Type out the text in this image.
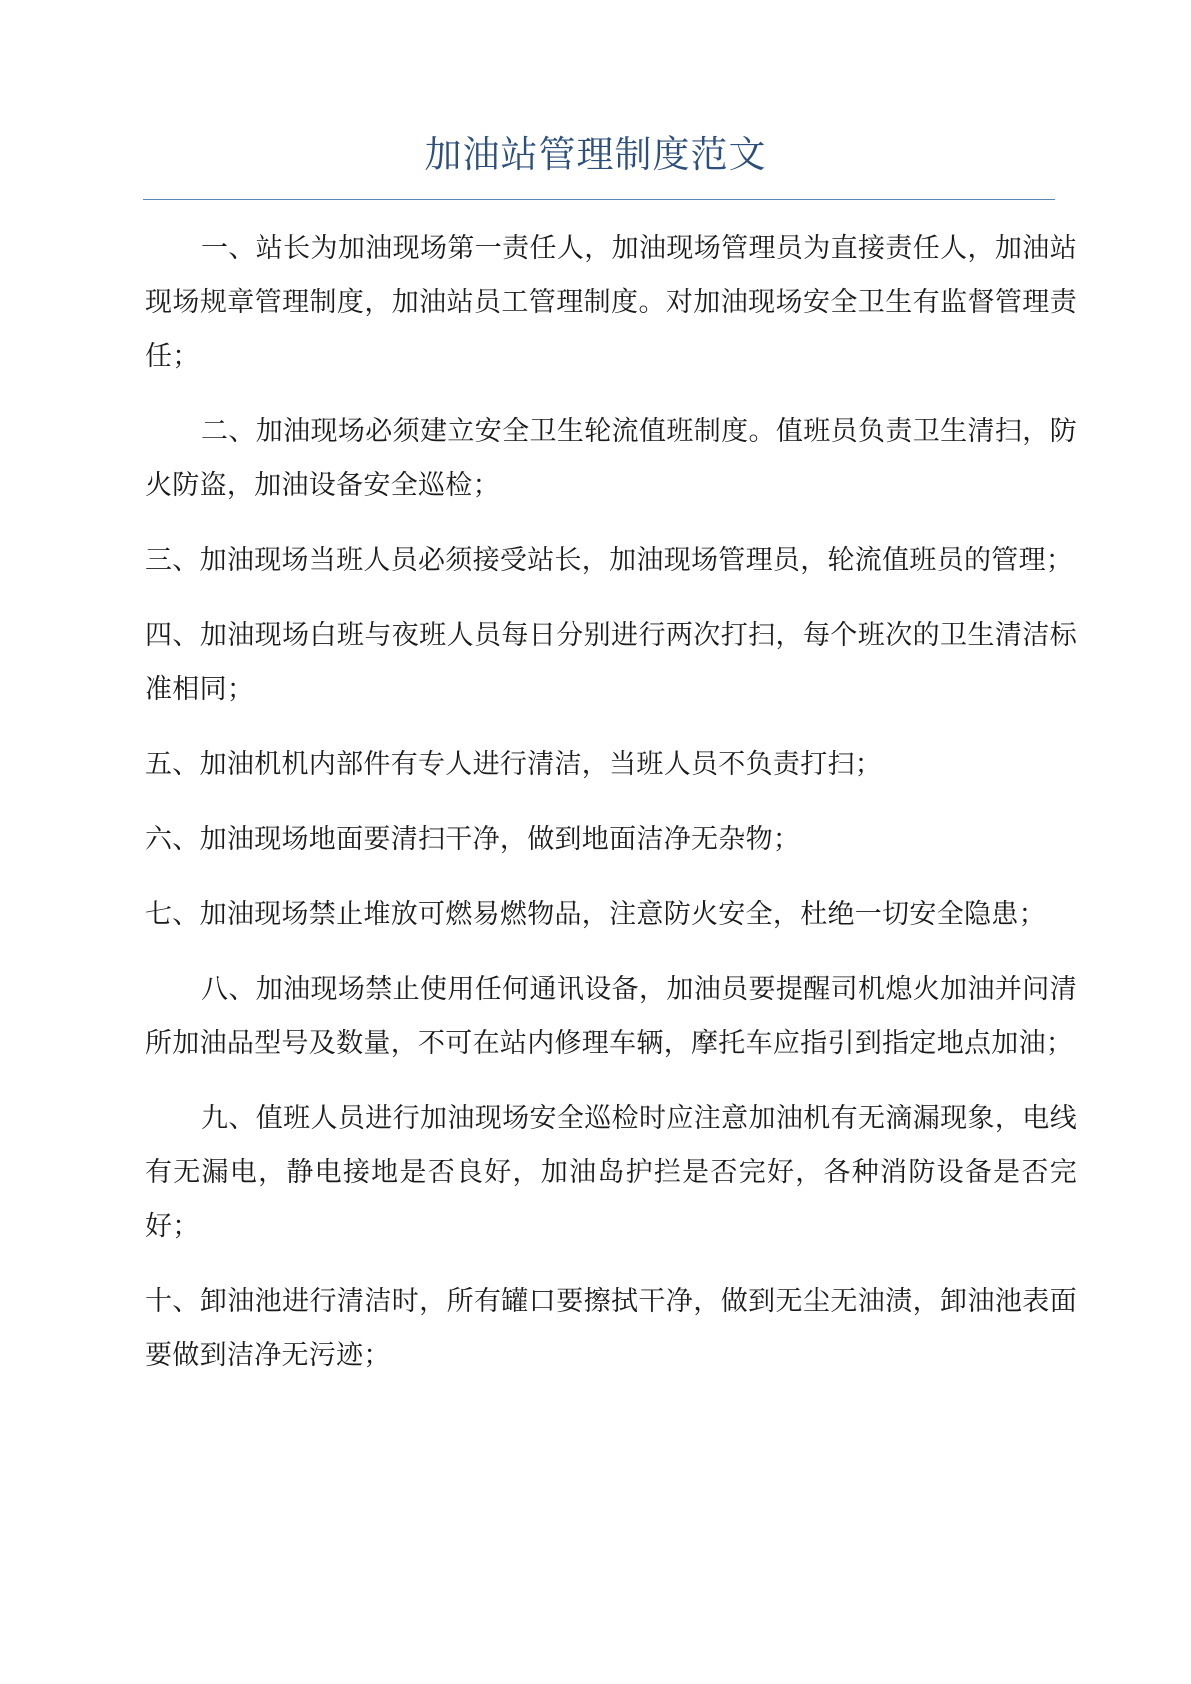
加油站管理制度范文

一、站长为加油现场第一责任人，加油现场管理员为直接责任人，加油站现场规章管理制度，加油站员工管理制度。对加油现场安全卫生有监督管理责任；

二、加油现场必须建立安全卫生轮流值班制度。值班员负责卫生清扫，防火防盗，加油设备安全巡检；

三、加油现场当班人员必须接受站长，加油现场管理员，轮流值班员的管理；

四、加油现场白班与夜班人员每日分别进行两次打扫，每个班次的卫生清洁标准相同；

五、加油机机内部件有专人进行清洁，当班人员不负责打扫；

六、加油现场地面要清扫干净，做到地面洁净无杂物；

七、加油现场禁止堆放可燃易燃物品，注意防火安全，杜绝一切安全隐患；

八、加油现场禁止使用任何通讯设备，加油员要提醒司机熄火加油并问清所加油品型号及数量，不可在站内修理车辆，摩托车应指引到指定地点加油；

九、值班人员进行加油现场安全巡检时应注意加油机有无滴漏现象，电线有无漏电，静电接地是否良好，加油岛护拦是否完好，各种消防设备是否完好；

十、卸油池进行清洁时，所有罐口要擦拭干净，做到无尘无油渍，卸油池表面要做到洁净无污迹；
